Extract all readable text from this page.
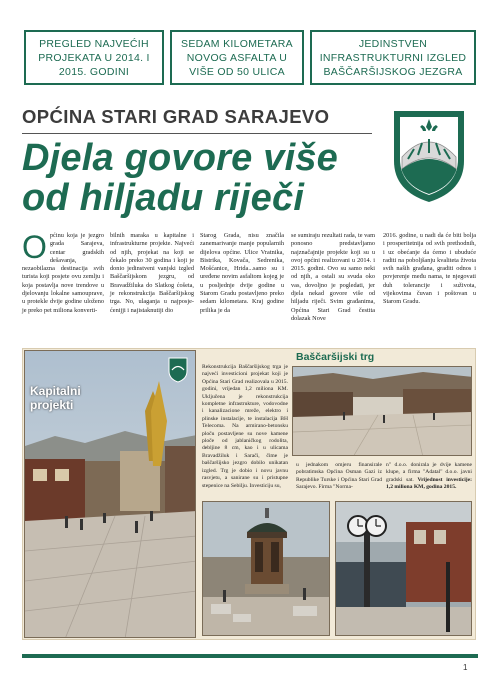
PREGLED NAJVEĆIH PROJEKATA U 2014. I 2015. GODINI
SEDAM KILOMETARA NOVOG ASFALTA U VIŠE OD 50 ULICA
JEDINSTVEN INFRASTRUKTURNI IZGLED BAŠČARŠIJSKOG JEZGRA
OPĆINA STARI GRAD SARAJEVO
Djela govore više
od hiljadu riječi
Općinu koja je jezgro grada Sarajeva, centar gradskih dešavanja, nezaobilazna destinacija svih turista koji posjete ovu zemlju i koja postavlja nove trendove u djelovanju lokalne samouprave, u protekle dvije godine uloženo je preko pet miliona konverti-
bilnih maraka u kapitalne i infrastrukturne projekte. Najveći od njih, projekat na koji se čekalo preko 30 godina i koji je donio jedinstveni vanjski izgled Baščaršijskom jezgru, od Bravadžiluka do Slatkog ćošeta, je rekonstrukcija Baščaršijskog trga. No, ulaganja u najposje-ćenijji i najistaknutiji dio
Starog Grada, nisu značila zanemarivanje manje popularnih dijelova općine. Ulice Vratnika, Bistrika, Kovača, Sedrenika, Mošćanice, Hrida...samo su i uređene novim asfaltom kojeg je u posljednje dvije godine u Starom Gradu postavljeno preko sedam kilometara. Kraj godine prilika je da
se sumiraju rezultati rada, te vam ponosno predstavljamo najznačajnije projekte koji su u ovoj općini realizovani u 2014. i 2015. godini. Ovo su samo neki od njih, a ostali su svuda oko vas, dovoljno je pogledati, jer djela nekad govore više od hiljadu riječi. Svim građanima, Općina Stari Grad čestita dolazak Nove
2016. godine, u nadi da će biti bolja i prosperitetnija od svih prethodnih, i uz obećanje da ćemo i ubuduće raditi na poboljšanju kvaliteta života svih naših građana, graditi odnos i povjerenje među nama, te njegovati duh tolerancije i suživota, vijekovima čuvan i poštovan u Starom Gradu.
Kapitalni projekti
Baščaršijski trg
Rekonstrukcija Baščaršijskog trga je najveći investicioni projekat koji je Općina Stari Grad realizovala u 2015. godini, vrijedan 1,2 miliona KM. Uključena je rekonstrukcija kompletne infrastrukture, vodovodne i kanalizacione mreže, elektro i plinske instalacije, te instalacija BH Telecoma. Na armirano-betonsku ploču postavljene su nove kamene ploče od jablaničkog rodolita, debljine 8 cm, kao i u ulicama Bravadžiluk i Sarači, čime je baščaršijsko jezgro dobilo unikatan izgled. Trg je dobio i novu javnu rasvjetu, a sanirane su i pristupne stepenice na Sebilju. Investiciju su,
u jednakom omjeru finansirale pobratimska Općina Osman Gazi iz Republike Turske i Općina Stari Grad Sarajevo. Firma "Norma-
n" d.o.o. donirala je dvije kamene klupe, a firma "Adatal" d.o.o. javni gradski sat. Vrijednost investicije: 1,2 miliona KM, godina 2015.
1
